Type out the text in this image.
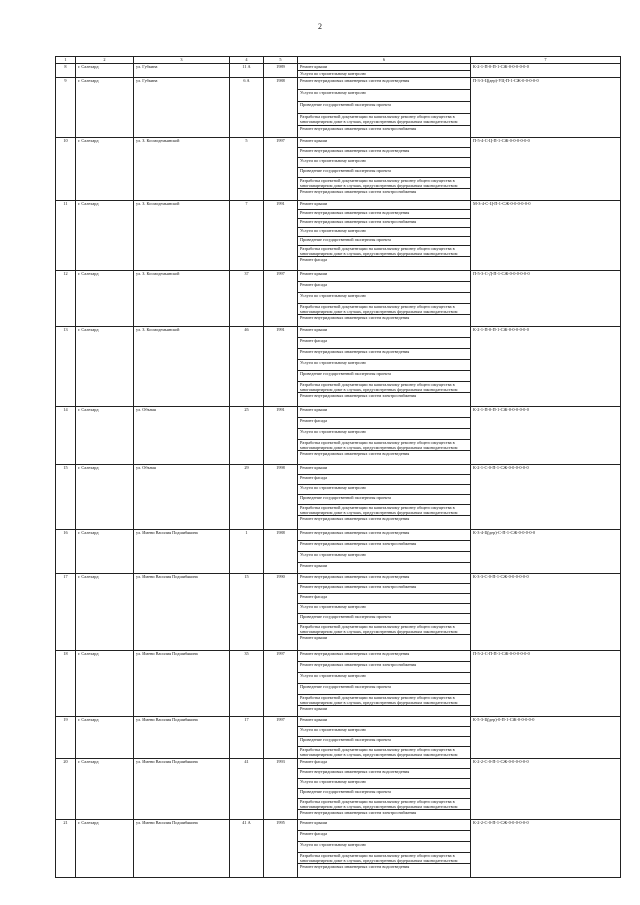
2
1	2	3	4	5	6	7
8	г. Салехард	ул. Губкина	11 А	1989	Ремонт крыши	К-2-1-П-0-П-1-СЖ-0-0-0-0-0-0
					Услуги по строительному контролю	
9	г. Салехард	ул. Губкина	6 А	1988	Ремонт внутридомовых инженерных систем водоотведения	П-3-3-Ц(дер)-УЦ-П-1-СЖ-0-0-0-0-0
					Услуги по строительному контролю	
					Проведение государственной экспертизы проекта	
					Разработка проектной документации на капитальному ремонту общего имущества в многоквартирном доме в случаях, предусмотренных федеральным законодательством	
					Ремонт внутридомовых инженерных систем электроснабжения	
10	г. Салехард	ул. З. Космодемьянской	5	1997	Ремонт крыши	П-5-4-С-Ц-П-1-СЖ-0-0-0-0-0-0
					Ремонт внутридомовых инженерных систем водоотведения	
					Услуги по строительному контролю	
					Проведение государственной экспертизы проекта	
					Разработка проектной документации на капитальному ремонту общего имущества в многоквартирном доме в случаях, предусмотренных федеральным законодательством	
					Ремонт внутридомовых инженерных систем электроснабжения	
11	г. Салехард	ул. З. Космодемьянской	7	1991	Ремонт крыши	М-3-4-С-Ц-П-1-СЖ-0-0-0-0-0-0
					Ремонт внутридомовых инженерных систем водоотведения	
					Ремонт внутридомовых инженерных систем электроснабжения	
					Услуги по строительному контролю	
					Проведение государственной экспертизы проекта	
					Разработка проектной документации на капитальному ремонту общего имущества в многоквартирном доме в случаях, предусмотренных федеральным законодательством	
					Ремонт фасада	
12	г. Салехард	ул. З. Космодемьянской	37	1997	Ремонт крыши	П-5-3-С-Д-П-1-СЖ-0-0-0-0-0-0
					Ремонт фасада	
					Услуги по строительному контролю	
					Разработка проектной документации на капитальному ремонту общего имущества в многоквартирном доме в случаях, предусмотренных федеральным законодательством	
					Ремонт внутридомовых инженерных систем водоотведения	
13	г. Салехард	ул. З. Космодемьянской	46	1991	Ремонт крыши	К-2-1-П-0-П-1-СЖ-0-0-0-0-0-0
					Ремонт фасада	
					Ремонт внутридомовых инженерных систем водоотведения	
					Услуги по строительному контролю	
					Проведение государственной экспертизы проекта	
					Разработка проектной документации на капитальному ремонту общего имущества в многоквартирном доме в случаях, предусмотренных федеральным законодательством	
					Ремонт внутридомовых инженерных систем электроснабжения	
14	г. Салехард	ул. Объная	25	1991	Ремонт крыши	К-2-1-П-0-П-1-СЖ-0-0-0-0-0-0
					Ремонт фасада	
					Услуги по строительному контролю	
					Разработка проектной документации на капитальному ремонту общего имущества в многоквартирном доме в случаях, предусмотренных федеральным законодательством	
					Ремонт внутридомовых инженерных систем водоотведения	
15	г. Салехард	ул. Объная	29	1998	Ремонт крыши	К-2-1-С-0-П-1-СЖ-0-0-0-0-0-0
					Ремонт фасада	
					Услуги по строительному контролю	
					Проведение государственной экспертизы проекта	
					Разработка проектной документации на капитальному ремонту общего имущества в многоквартирном доме в случаях, предусмотренных федеральным законодательством	
					Ремонт внутридомовых инженерных систем водоотведения	
16	г. Салехард	ул. Имени Василия Подшибякина	1	1988	Ремонт внутридомовых инженерных систем водоотведения	К-3-4-Ц(дер)-С-П-1-СЖ-0-0-0-0-0
					Ремонт внутридомовых инженерных систем электроснабжения	
					Услуги по строительному контролю	
					Ремонт крыши	
17	г. Салехард	ул. Имени Василия Подшибякина	15	1990	Ремонт внутридомовых инженерных систем водоотведения	К-3-3-С-0-П-1-СЖ-0-0-0-0-0-0
					Ремонт внутридомовых инженерных систем электроснабжения	
					Ремонт фасада	
					Услуги по строительному контролю	
					Проведение государственной экспертизы проекта	
					Разработка проектной документации на капитальному ремонту общего имущества в многоквартирном доме в случаях, предусмотренных федеральным законодательством	
					Ремонт крыши	
18	г. Салехард	ул. Имени Василия Подшибякина	35	1997	Ремонт внутридомовых инженерных систем водоотведения	П-5-2-С-П-П-1-СЖ-0-0-0-0-0-0
					Ремонт внутридомовых инженерных систем электроснабжения	
					Услуги по строительному контролю	
					Проведение государственной экспертизы проекта	
					Разработка проектной документации на капитальному ремонту общего имущества в многоквартирном доме в случаях, предусмотренных федеральным законодательством	
					Ремонт крыши	
19	г. Салехард	ул. Имени Василия Подшибякина	17	1997	Ремонт крыши	К-5-3-Ц(дер)-0-П-1-СЖ-0-0-0-0-0
					Услуги по строительному контролю	
					Проведение государственной экспертизы проекта	
					Разработка проектной документации на капитальному ремонту общего имущества в многоквартирном доме в случаях, предусмотренных федеральным законодательством	
20	г. Салехард	ул. Имени Василия Подшибякина	41	1993	Ремонт фасада	К-2-2-С-0-П-1-СЖ-0-0-0-0-0-0
					Ремонт внутридомовых инженерных систем водоотведения	
					Услуги по строительному контролю	
					Проведение государственной экспертизы проекта	
					Разработка проектной документации на капитальному ремонту общего имущества в многоквартирном доме в случаях, предусмотренных федеральным законодательством	
					Ремонт внутридомовых инженерных систем электроснабжения	
21	г. Салехард	ул. Имени Василия Подшибякина	41 А	1995	Ремонт крыши	К-2-2-С-0-П-1-СЖ-0-0-0-0-0-0
					Ремонт фасада	
					Услуги по строительному контролю	
					Разработка проектной документации на капитальному ремонту общего имущества в многоквартирном доме в случаях, предусмотренных федеральным законодательством	
					Ремонт внутридомовых инженерных систем водоотведения	
